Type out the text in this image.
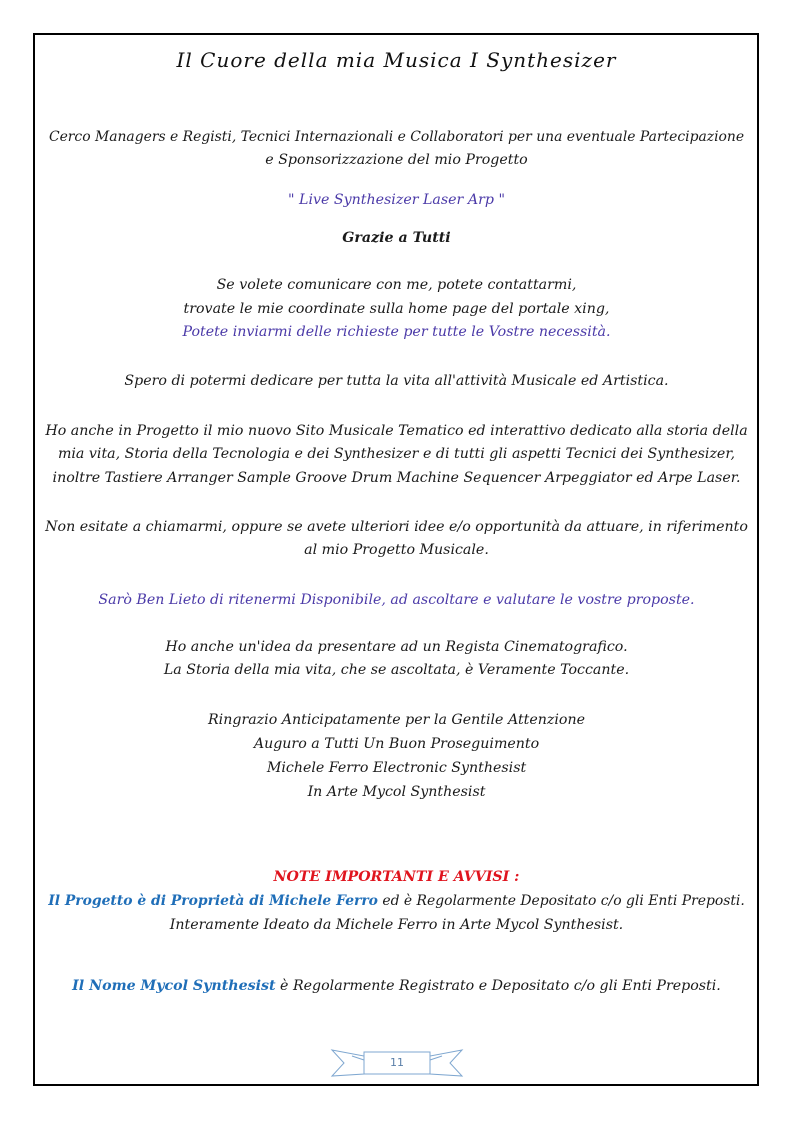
Il Cuore della mia Musica I Synthesizer
Cerco Managers e Registi, Tecnici Internazionali e Collaboratori per una eventuale Partecipazione
e Sponsorizzazione del mio Progetto
" Live Synthesizer Laser Arp "
Grazie a Tutti
Se volete comunicare con me, potete contattarmi,
trovate le mie coordinate sulla home page del portale xing,
Potete inviarmi delle richieste per tutte le Vostre necessità.
Spero di potermi dedicare per tutta la vita all'attività Musicale ed Artistica.
Ho anche in Progetto il mio nuovo Sito Musicale Tematico ed interattivo dedicato alla storia della
mia vita, Storia della Tecnologia e dei Synthesizer e di tutti gli aspetti Tecnici dei Synthesizer,
inoltre Tastiere Arranger Sample Groove Drum Machine Sequencer Arpeggiator ed Arpe Laser.
Non esitate a chiamarmi, oppure se avete ulteriori idee e/o opportunità da attuare, in riferimento
al mio Progetto Musicale.
Sarò Ben Lieto di ritenermi Disponibile, ad ascoltare e valutare le vostre proposte.
Ho anche un'idea da presentare ad un Regista Cinematografico.
La Storia della mia vita, che se ascoltata, è Veramente Toccante.
Ringrazio Anticipatamente per la Gentile Attenzione
Auguro a Tutti Un Buon Proseguimento
Michele Ferro Electronic Synthesist
In Arte Mycol Synthesist
NOTE IMPORTANTI E AVVISI :
Il Progetto è di Proprietà di Michele Ferro ed è Regolarmente Depositato c/o gli Enti Preposti.
Interamente Ideato da Michele Ferro in Arte Mycol Synthesist.
Il Nome Mycol Synthesist è Regolarmente Registrato e Depositato c/o gli Enti Preposti.
11
